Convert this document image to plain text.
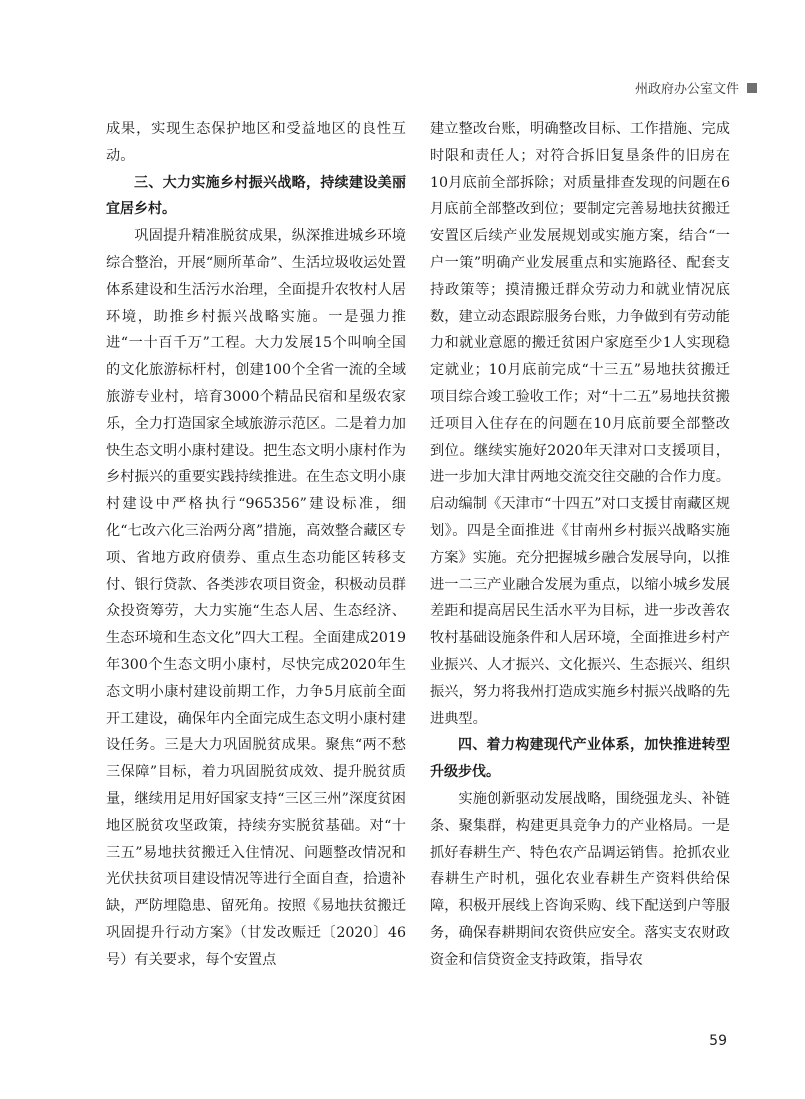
州政府办公室文件

成果，实现生态保护地区和受益地区的良性互动。

三、大力实施乡村振兴战略，持续建设美丽宜居乡村。

巩固提升精准脱贫成果，纵深推进城乡环境综合整治，开展“厕所革命”、生活垃圾收运处置体系建设和生活污水治理，全面提升农牧村人居环境，助推乡村振兴战略实施。一是强力推进“一十百千万”工程。大力发展15个叫响全国的文化旅游标杆村，创建100个全省一流的全域旅游专业村，培育3000个精品民宿和星级农家乐，全力打造国家全域旅游示范区。二是着力加快生态文明小康村建设。把生态文明小康村作为乡村振兴的重要实践持续推进。在生态文明小康村建设中严格执行“965356”建设标准，细化“七改六化三治两分离”措施，高效整合藏区专项、省地方政府债券、重点生态功能区转移支付、银行贷款、各类涉农项目资金，积极动员群众投资筹劳，大力实施“生态人居、生态经济、生态环境和生态文化”四大工程。全面建成2019年300个生态文明小康村，尽快完成2020年生态文明小康村建设前期工作，力争5月底前全面开工建设，确保年内全面完成生态文明小康村建设任务。三是大力巩固脱贫成果。聚焦“两不愁三保障”目标，着力巩固脱贫成效、提升脱贫质量，继续用足用好国家支持“三区三州”深度贫困地区脱贫攻坚政策，持续夯实脱贫基础。对“十三五”易地扶贫搬迁入住情况、问题整改情况和光伏扶贫项目建设情况等进行全面自查，拾遗补缺，严防埋隐患、留死角。按照《易地扶贫搬迁巩固提升行动方案》（甘发改赈迁〔2020〕46号）有关要求，每个安置点

建立整改台账，明确整改目标、工作措施、完成时限和责任人；对符合拆旧复垦条件的旧房在10月底前全部拆除；对质量排查发现的问题在6月底前全部整改到位；要制定完善易地扶贫搬迁安置区后续产业发展规划或实施方案，结合“一户一策”明确产业发展重点和实施路径、配套支持政策等；摸清搬迁群众劳动力和就业情况底数，建立动态跟踪服务台账，力争做到有劳动能力和就业意愿的搬迁贫困户家庭至少1人实现稳定就业；10月底前完成“十三五”易地扶贫搬迁项目综合竣工验收工作；对“十二五”易地扶贫搬迁项目入住存在的问题在10月底前要全部整改到位。继续实施好2020年天津对口支援项目，进一步加大津甘两地交流交往交融的合作力度。启动编制《天津市“十四五”对口支援甘南藏区规划》。四是全面推进《甘南州乡村振兴战略实施方案》实施。充分把握城乡融合发展导向，以推进一二三产业融合发展为重点，以缩小城乡发展差距和提高居民生活水平为目标，进一步改善农牧村基础设施条件和人居环境，全面推进乡村产业振兴、人才振兴、文化振兴、生态振兴、组织振兴，努力将我州打造成实施乡村振兴战略的先进典型。

四、着力构建现代产业体系，加快推进转型升级步伐。

实施创新驱动发展战略，围绕强龙头、补链条、聚集群，构建更具竞争力的产业格局。一是抓好春耕生产、特色农产品调运销售。抢抓农业春耕生产时机，强化农业春耕生产资料供给保障，积极开展线上咨询采购、线下配送到户等服务，确保春耕期间农资供应安全。落实支农财政资金和信贷资金支持政策，指导农

59
